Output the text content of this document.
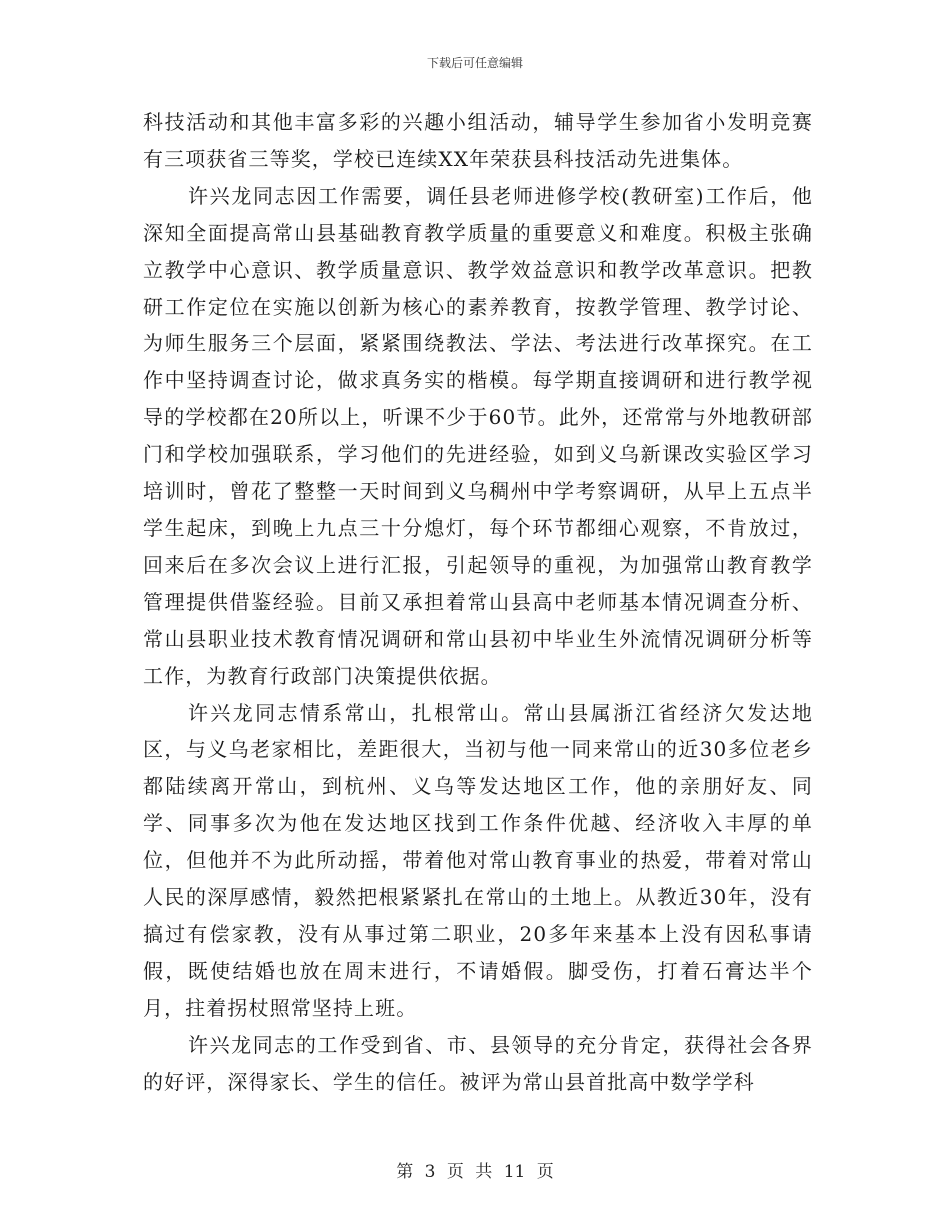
下载后可任意编辑

科技活动和其他丰富多彩的兴趣小组活动，辅导学生参加省小发明竞赛有三项获省三等奖，学校已连续XX年荣获县科技活动先进集体。

许兴龙同志因工作需要，调任县老师进修学校(教研室)工作后，他深知全面提高常山县基础教育教学质量的重要意义和难度。积极主张确立教学中心意识、教学质量意识、教学效益意识和教学改革意识。把教研工作定位在实施以创新为核心的素养教育，按教学管理、教学讨论、为师生服务三个层面，紧紧围绕教法、学法、考法进行改革探究。在工作中坚持调查讨论，做求真务实的楷模。每学期直接调研和进行教学视导的学校都在20所以上，听课不少于60节。此外，还常常与外地教研部门和学校加强联系，学习他们的先进经验，如到义乌新课改实验区学习培训时，曾花了整整一天时间到义乌稠州中学考察调研，从早上五点半学生起床，到晚上九点三十分熄灯，每个环节都细心观察，不肯放过，回来后在多次会议上进行汇报，引起领导的重视，为加强常山教育教学管理提供借鉴经验。目前又承担着常山县高中老师基本情况调查分析、常山县职业技术教育情况调研和常山县初中毕业生外流情况调研分析等工作，为教育行政部门决策提供依据。

许兴龙同志情系常山，扎根常山。常山县属浙江省经济欠发达地区，与义乌老家相比，差距很大，当初与他一同来常山的近30多位老乡都陆续离开常山，到杭州、义乌等发达地区工作，他的亲朋好友、同学、同事多次为他在发达地区找到工作条件优越、经济收入丰厚的单位，但他并不为此所动摇，带着他对常山教育事业的热爱，带着对常山人民的深厚感情，毅然把根紧紧扎在常山的土地上。从教近30年，没有搞过有偿家教，没有从事过第二职业，20多年来基本上没有因私事请假，既使结婚也放在周末进行，不请婚假。脚受伤，打着石膏达半个月，拄着拐杖照常坚持上班。

许兴龙同志的工作受到省、市、县领导的充分肯定，获得社会各界的好评，深得家长、学生的信任。被评为常山县首批高中数学学科

第 3 页 共 11 页
